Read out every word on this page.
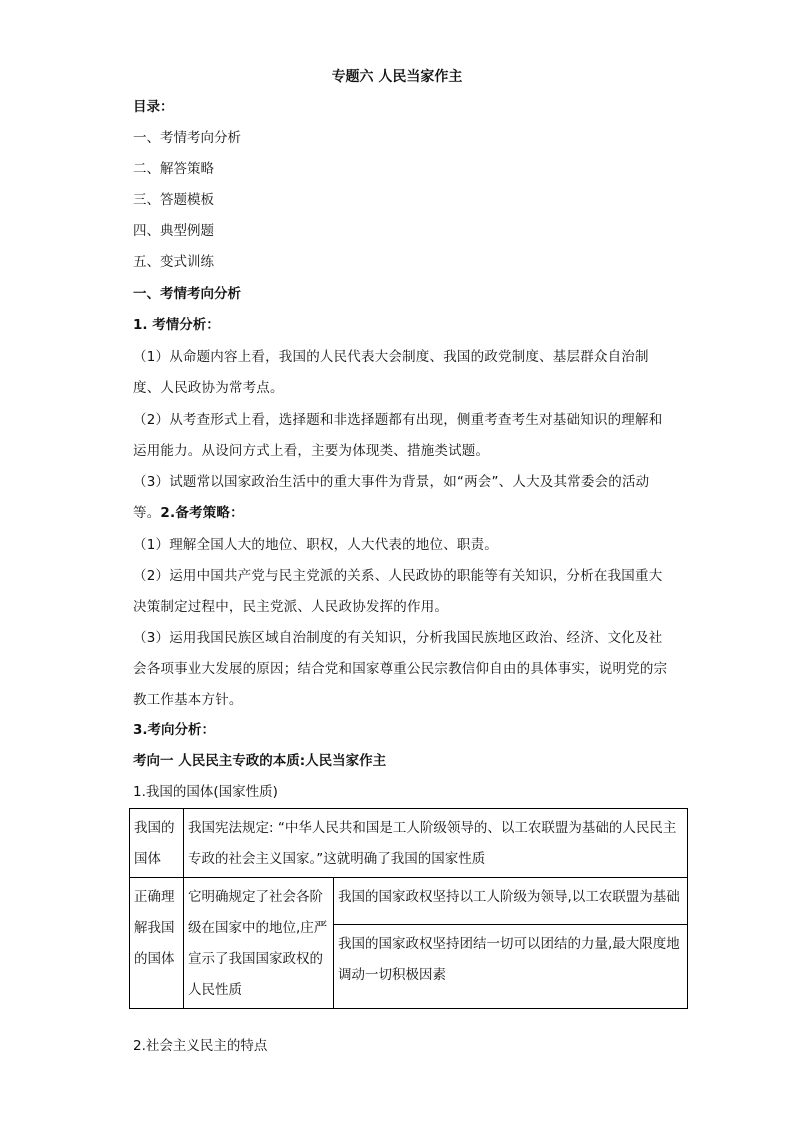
专题六 人民当家作主
目录：
一、考情考向分析
二、解答策略
三、答题模板
四、典型例题
五、变式训练
一、考情考向分析
1. 考情分析：
（1）从命题内容上看，我国的人民代表大会制度、我国的政党制度、基层群众自治制度、人民政协为常考点。
（2）从考查形式上看，选择题和非选择题都有出现，侧重考查考生对基础知识的理解和运用能力。从设问方式上看，主要为体现类、措施类试题。
（3）试题常以国家政治生活中的重大事件为背景，如“两会”、人大及其常委会的活动等。2.备考策略：
（1）理解全国人大的地位、职权，人大代表的地位、职责。
（2）运用中国共产党与民主党派的关系、人民政协的职能等有关知识，分析在我国重大决策制定过程中，民主党派、人民政协发挥的作用。
（3）运用我国民族区域自治制度的有关知识，分析我国民族地区政治、经济、文化及社会各项事业大发展的原因；结合党和国家尊重公民宗教信仰自由的具体事实，说明党的宗教工作基本方针。
3.考向分析：
考向一 人民民主专政的本质:人民当家作主
1.我国的国体(国家性质)
我国的国体	我国宪法规定: “中华人民共和国是工人阶级领导的、以工农联盟为基础的人民民主专政的社会主义国家。”这就明确了我国的国家性质	
正确理解我国的国体	它明确规定了社会各阶级在国家中的地位,庄严宣示了我国国家政权的人民性质	我国的国家政权坚持以工人阶级为领导,以工农联盟为基础
		我国的国家政权坚持团结一切可以团结的力量,最大限度地调动一切积极因素
2.社会主义民主的特点
